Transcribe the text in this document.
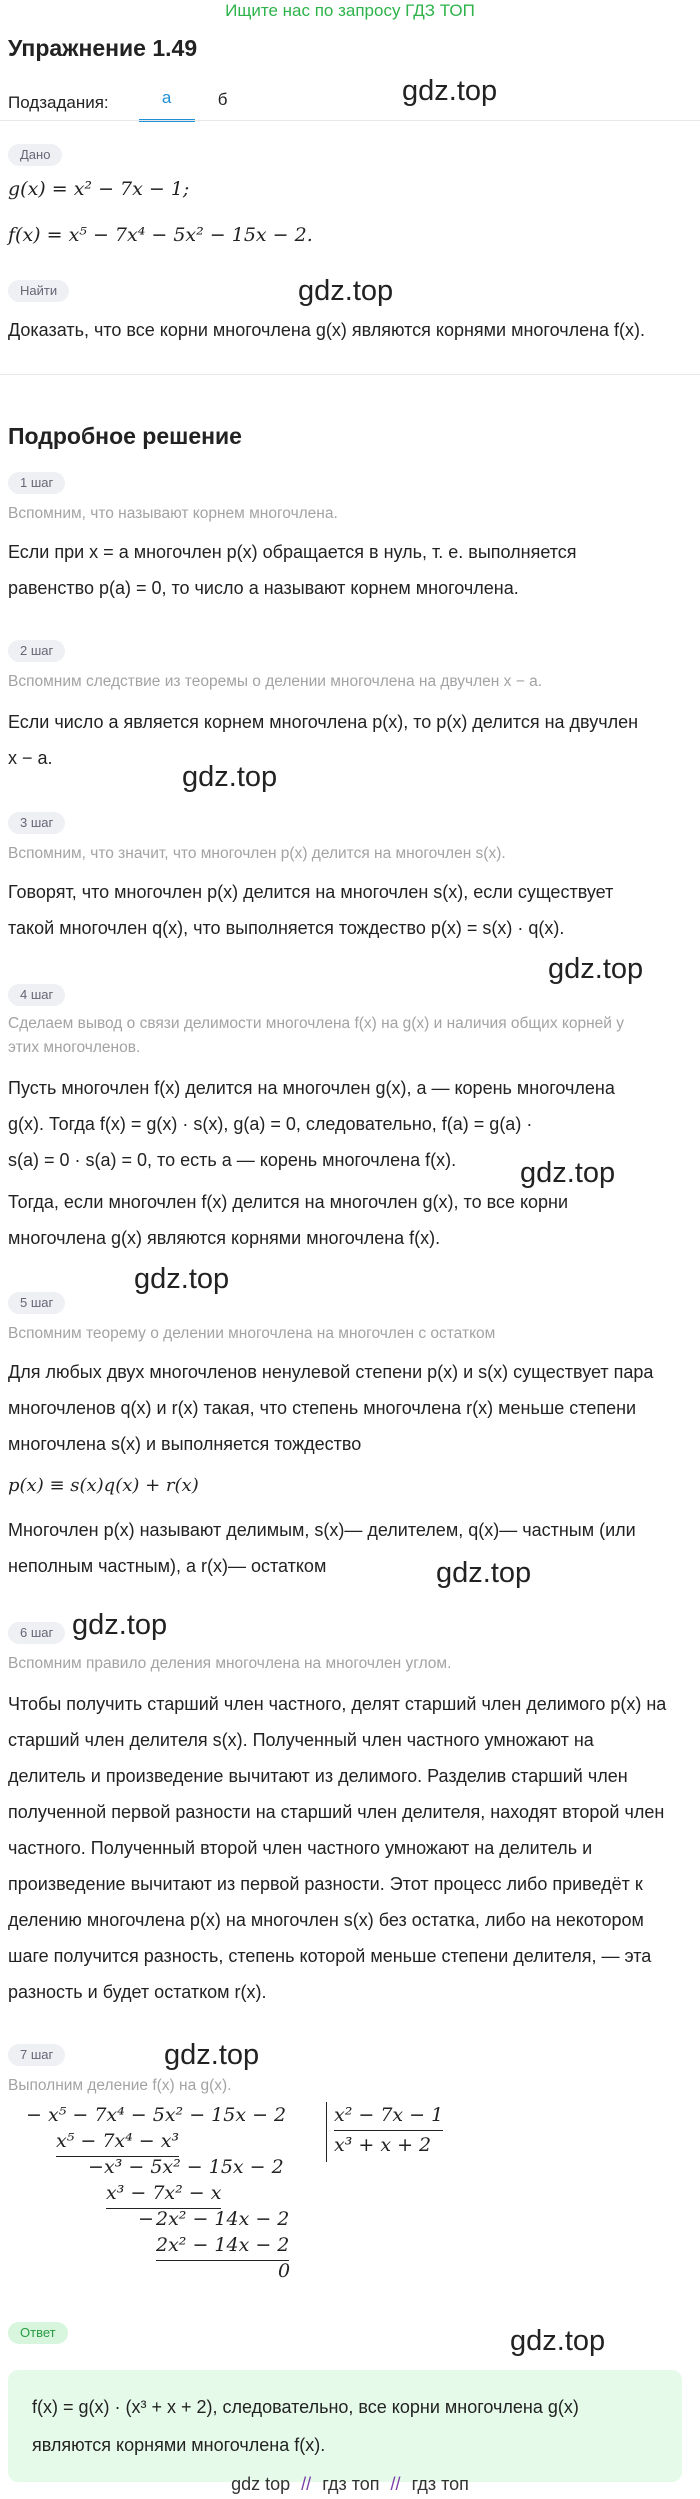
Ищите нас по запросу ГДЗ ТОП
Упражнение 1.49
Подзадания:	а	б	gdz.top
gdz.top
gdz.top
gdz.top
gdz.top
gdz.top
gdz.top
gdz.top
gdz.top
gdz.top
Дано
g(x) = x² − 7x − 1;
f(x) = x⁵ − 7x⁴ − 5x² − 15x − 2.
Найти
Доказать, что все корни многочлена g(x) являются корнями многочлена f(x).
Подробное решение
1 шаг
Вспомним, что называют корнем многочлена.
Если при x = a многочлен p(x) обращается в нуль, т. е. выполняется
равенство p(a) = 0, то число a называют корнем многочлена.
2 шаг
Вспомним следствие из теоремы о делении многочлена на двучлен x − a.
Если число a является корнем многочлена p(x), то p(x) делится на двучлен
x − a.
3 шаг
Вспомним, что значит, что многочлен p(x) делится на многочлен s(x).
Говорят, что многочлен p(x) делится на многочлен s(x), если существует
такой многочлен q(x), что выполняется тождество p(x) = s(x) · q(x).
4 шаг
Сделаем вывод о связи делимости многочлена f(x) на g(x) и наличия общих корней у
этих многочленов.
Пусть многочлен f(x) делится на многочлен g(x), a — корень многочлена
g(x). Тогда f(x) = g(x) · s(x), g(a) = 0, следовательно, f(a) = g(a) ·
s(a) = 0 · s(a) = 0, то есть a — корень многочлена f(x).
Тогда, если многочлен f(x) делится на многочлен g(x), то все корни
многочлена g(x) являются корнями многочлена f(x).
5 шаг
Вспомним теорему о делении многочлена на многочлен с остатком
Для любых двух многочленов ненулевой степени p(x) и s(x) существует пара
многочленов q(x) и r(x) такая, что степень многочлена r(x) меньше степени
многочлена s(x) и выполняется тождество
p(x) ≡ s(x)q(x) + r(x)
Многочлен p(x) называют делимым, s(x)— делителем, q(x)— частным (или
неполным частным), а r(x)— остатком
6 шаг
Вспомним правило деления многочлена на многочлен углом.
Чтобы получить старший член частного, делят старший член делимого p(x) на
старший член делителя s(x). Полученный член частного умножают на
делитель и произведение вычитают из делимого. Разделив старший член
полученной первой разности на старший член делителя, находят второй член
частного. Полученный второй член частного умножают на делитель и
произведение вычитают из первой разности. Этот процесс либо приведёт к
делению многочлена p(x) на многочлен s(x) без остатка, либо на некотором
шаге получится разность, степень которой меньше степени делителя, — эта
разность и будет остатком r(x).
7 шаг
Выполним деление f(x) на g(x).
− x⁵ − 7x⁴ − 5x² − 15x − 2	x² − 7x − 1
x³ + x + 2
x⁵ − 7x⁴ − x³
− x³ − 5x² − 15x − 2
x³ − 7x² − x
− 2x² − 14x − 2
2x² − 14x − 2
0
Ответ
f(x) = g(x) · (x³ + x + 2), следовательно, все корни многочлена g(x)
являются корнями многочлена f(x).
gdz top // гдз топ // гдз топ
